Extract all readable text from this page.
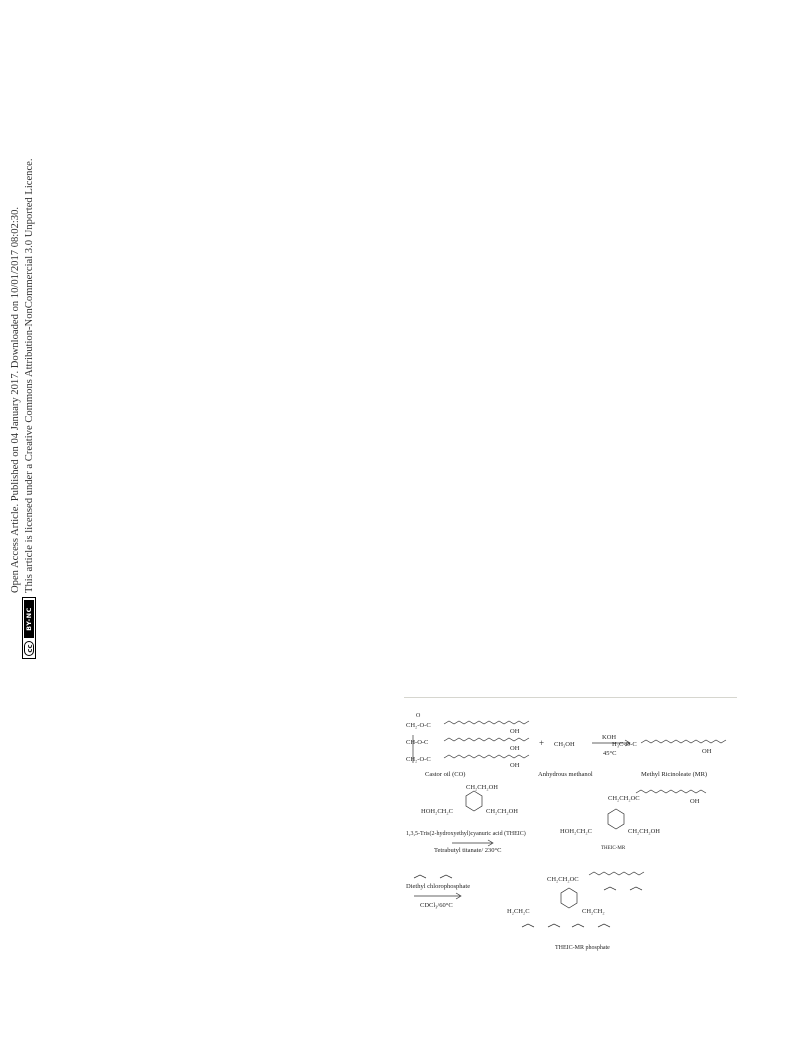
cc
BY-NC
Open Access Article. Published on 04 January 2017. Downloaded on 10/01/2017 08:02:30. This article is licensed under a Creative Commons Attribution-NonCommercial 3.0 Unported Licence.
O
CH₂-O-C
CH-O-C
CH₂-O-C
OH
OH
OH
Castor oil (CO)
+ CH₃OH
Anhydrous methanol
KOH
45°C
H₃C-O-C
OH
Methyl Ricinoleate (MR)
CH₂CH₂OH
HOH₂CH₂C	CH₂CH₂OH
1,3,5-Tris(2-hydroxyethyl)cyanuric acid (THEIC)
Tetrabutyl titanate/ 230°C
CH₂CH₂OC	OH
HOH₂CH₂C	CH₂CH₂OH
THEIC-MR
Diethyl chlorophosphate
CDCl₃/60°C
CH₂CH₂OC
H₂CH₂C	CH₂CH₂
THEIC-MR phosphate
